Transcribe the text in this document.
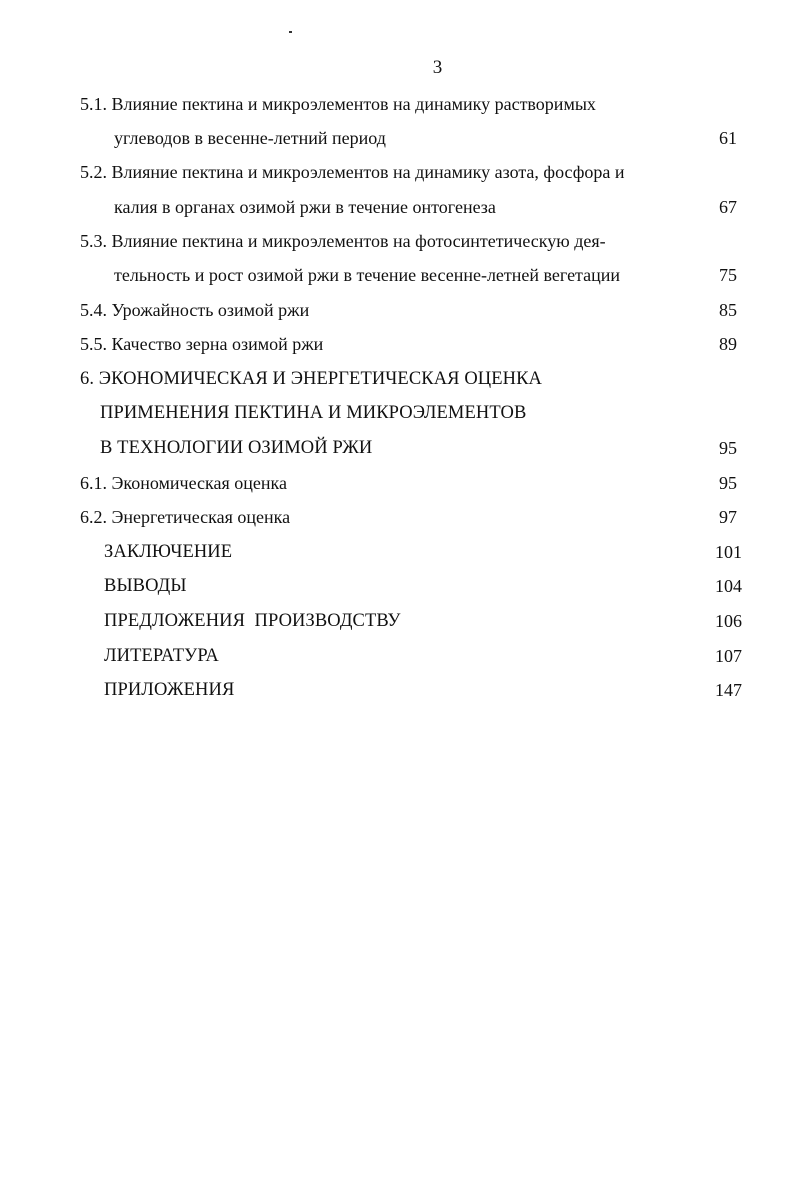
3
5.1. Влияние пектина и микроэлементов на динамику растворимых
углеводов в весенне-летний период	61
5.2. Влияние пектина и микроэлементов на динамику азота, фосфора и
калия в органах озимой ржи в течение онтогенеза	67
5.3. Влияние пектина и микроэлементов на фотосинтетическую дея-
тельность и рост озимой ржи в течение весенне-летней вегетации	75
5.4. Урожайность озимой ржи	85
5.5. Качество зерна озимой ржи	89
6. ЭКОНОМИЧЕСКАЯ И ЭНЕРГЕТИЧЕСКАЯ ОЦЕНКА
ПРИМЕНЕНИЯ ПЕКТИНА И МИКРОЭЛЕМЕНТОВ
В ТЕХНОЛОГИИ ОЗИМОЙ РЖИ	95
6.1. Экономическая оценка	95
6.2. Энергетическая оценка	97
ЗАКЛЮЧЕНИЕ	101
ВЫВОДЫ	104
ПРЕДЛОЖЕНИЯ  ПРОИЗВОДСТВУ	106
ЛИТЕРАТУРА	107
ПРИЛОЖЕНИЯ	147
